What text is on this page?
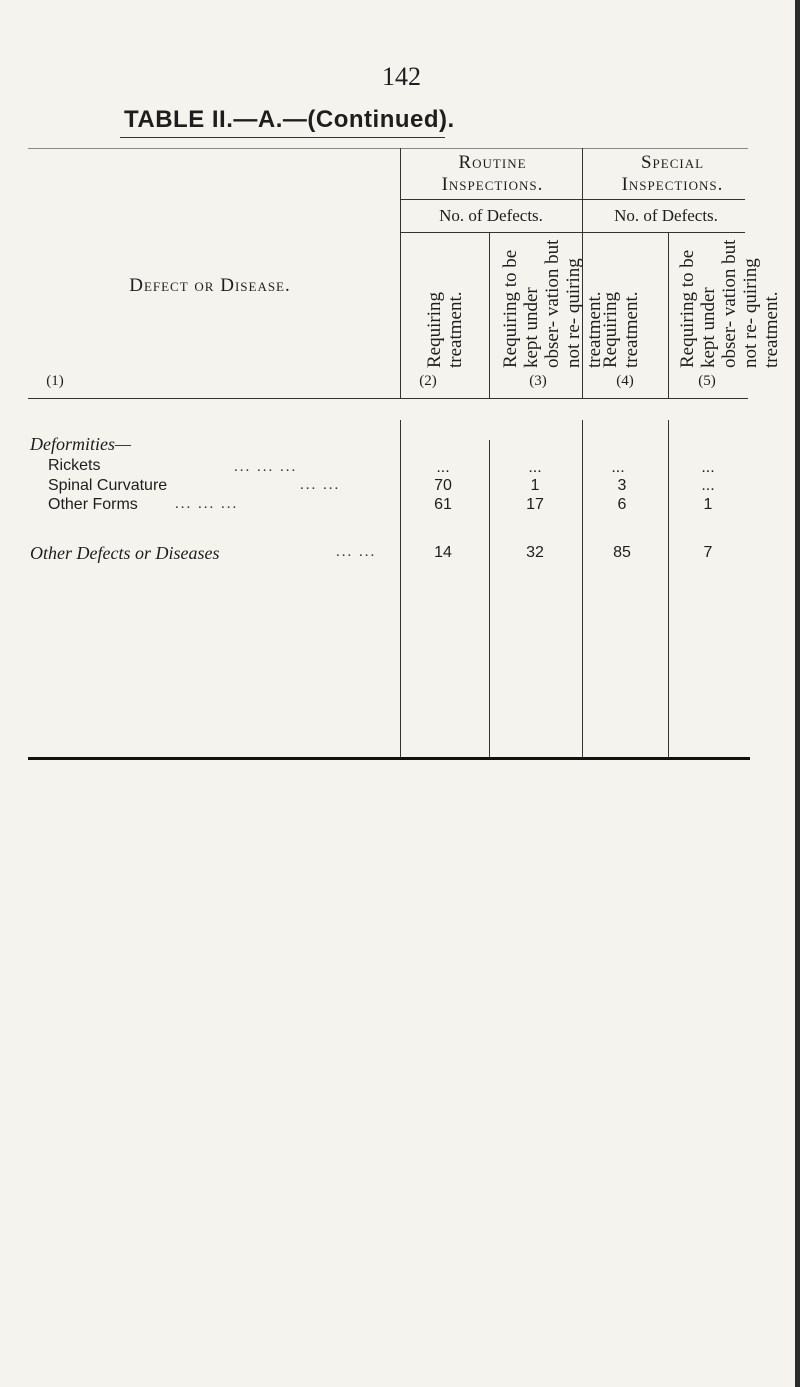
142
TABLE II.—A.—(Continued).
Routine Inspections.
Special Inspections.
No. of Defects.	No. of Defects.
Defect or Disease.
Requiring treatment. Requiring to be kept under obser- vation but not re- quiring treatment.
Requiring treatment. Requiring to be kept under obser- vation but not re- quiring treatment.
(1)	(2)	(3)	(4)	(5)
Deformities—
Rickets	... ... ...	...	...	...	...
Spinal Curvature	... ...	70	1	3	...
Other Forms ... ... ...	61	17	6	1
Other Defects or Diseases	... ...	14	32	85	7
